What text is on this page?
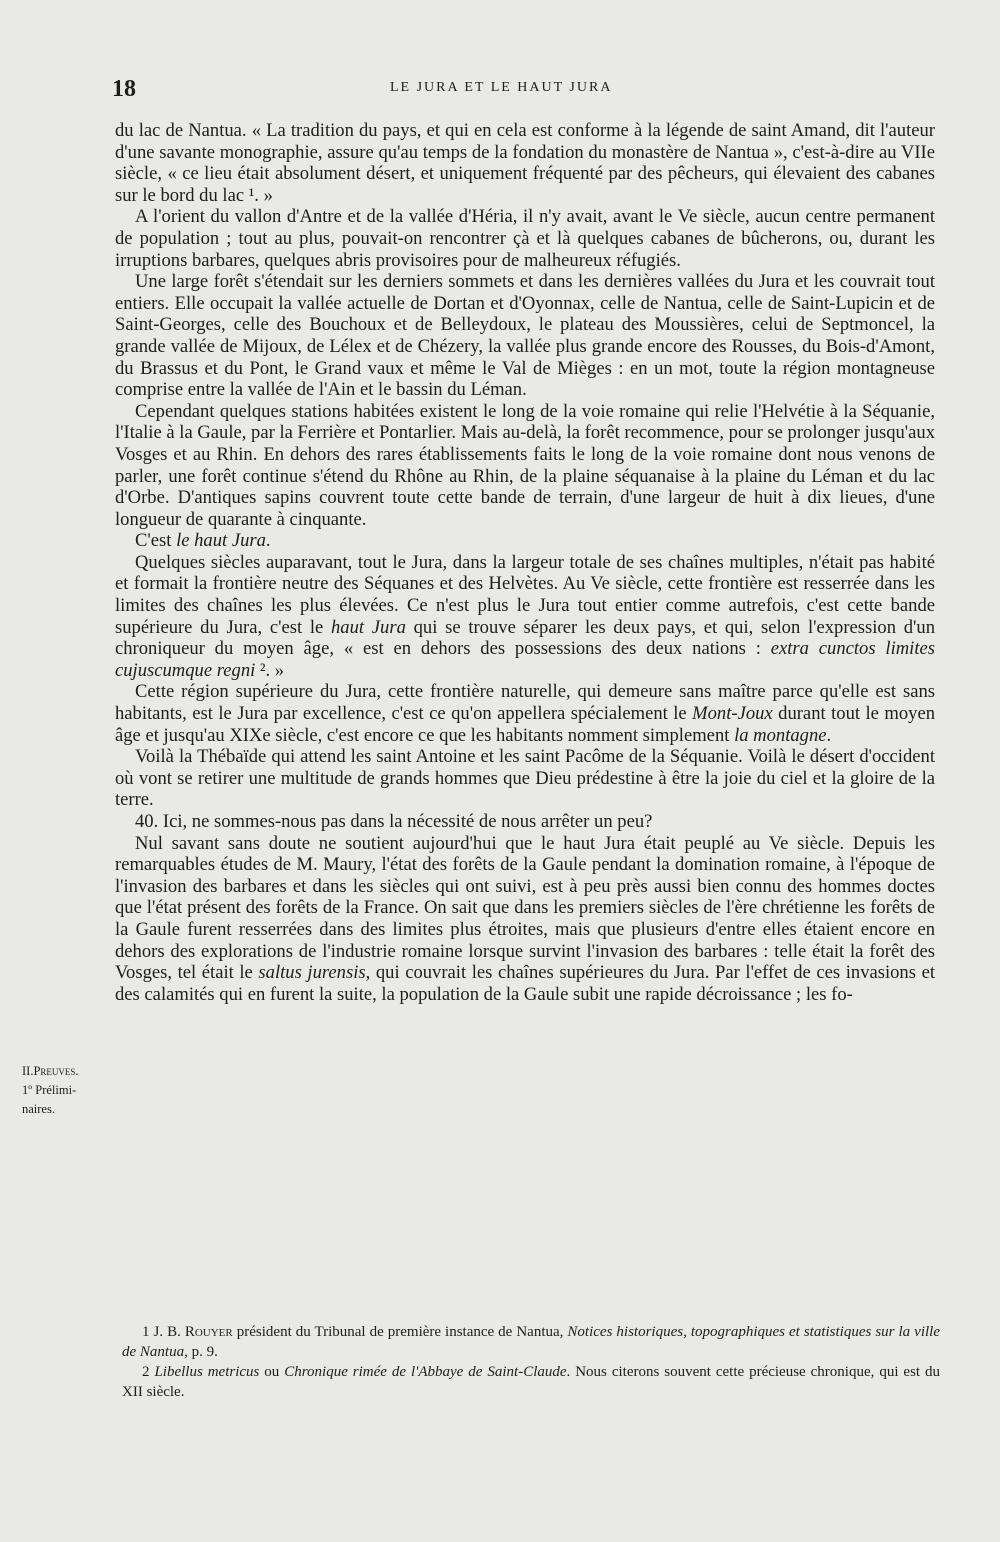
18	LE JURA ET LE HAUT JURA
II.Preuves.
1º Prélimi-
naires.

du lac de Nantua. « La tradition du pays, et qui en cela est conforme à la légende de saint Amand, dit l'auteur d'une savante monographie, assure qu'au temps de la fondation du monastère de Nantua », c'est-à-dire au VIIe siècle, « ce lieu était absolument désert, et uniquement fréquenté par des pêcheurs, qui élevaient des cabanes sur le bord du lac ¹. »

A l'orient du vallon d'Antre et de la vallée d'Héria, il n'y avait, avant le Ve siècle, aucun centre permanent de population ; tout au plus, pouvait-on rencontrer çà et là quelques cabanes de bûcherons, ou, durant les irruptions barbares, quelques abris provisoires pour de malheureux réfugiés.

Une large forêt s'étendait sur les derniers sommets et dans les dernières vallées du Jura et les couvrait tout entiers. Elle occupait la vallée actuelle de Dortan et d'Oyonnax, celle de Nantua, celle de Saint-Lupicin et de Saint-Georges, celle des Bouchoux et de Belleydoux, le plateau des Moussières, celui de Septmoncel, la grande vallée de Mijoux, de Lélex et de Chézery, la vallée plus grande encore des Rousses, du Bois-d'Amont, du Brassus et du Pont, le Grand vaux et même le Val de Mièges : en un mot, toute la région montagneuse comprise entre la vallée de l'Ain et le bassin du Léman.

Cependant quelques stations habitées existent le long de la voie romaine qui relie l'Helvétie à la Séquanie, l'Italie à la Gaule, par la Ferrière et Pontarlier. Mais au-delà, la forêt recommence, pour se prolonger jusqu'aux Vosges et au Rhin. En dehors des rares établissements faits le long de la voie romaine dont nous venons de parler, une forêt continue s'étend du Rhône au Rhin, de la plaine séquanaise à la plaine du Léman et du lac d'Orbe. D'antiques sapins couvrent toute cette bande de terrain, d'une largeur de huit à dix lieues, d'une longueur de quarante à cinquante.

C'est le haut Jura.

Quelques siècles auparavant, tout le Jura, dans la largeur totale de ses chaînes multiples, n'était pas habité et formait la frontière neutre des Séquanes et des Helvètes. Au Ve siècle, cette frontière est resserrée dans les limites des chaînes les plus élevées. Ce n'est plus le Jura tout entier comme autrefois, c'est cette bande supérieure du Jura, c'est le haut Jura qui se trouve séparer les deux pays, et qui, selon l'expression d'un chroniqueur du moyen âge, « est en dehors des possessions des deux nations : extra cunctos limites cujuscumque regni ². »

Cette région supérieure du Jura, cette frontière naturelle, qui demeure sans maître parce qu'elle est sans habitants, est le Jura par excellence, c'est ce qu'on appellera spécialement le Mont-Joux durant tout le moyen âge et jusqu'au XIXe siècle, c'est encore ce que les habitants nomment simplement la montagne.

Voilà la Thébaïde qui attend les saint Antoine et les saint Pacôme de la Séquanie. Voilà le désert d'occident où vont se retirer une multitude de grands hommes que Dieu prédestine à être la joie du ciel et la gloire de la terre.

40. Ici, ne sommes-nous pas dans la nécessité de nous arrêter un peu?

Nul savant sans doute ne soutient aujourd'hui que le haut Jura était peuplé au Ve siècle. Depuis les remarquables études de M. Maury, l'état des forêts de la Gaule pendant la domination romaine, à l'époque de l'invasion des barbares et dans les siècles qui ont suivi, est à peu près aussi bien connu des hommes doctes que l'état présent des forêts de la France. On sait que dans les premiers siècles de l'ère chrétienne les forêts de la Gaule furent resserrées dans des limites plus étroites, mais que plusieurs d'entre elles étaient encore en dehors des explorations de l'industrie romaine lorsque survint l'invasion des barbares : telle était la forêt des Vosges, tel était le saltus jurensis, qui couvrait les chaînes supérieures du Jura. Par l'effet de ces invasions et des calamités qui en furent la suite, la population de la Gaule subit une rapide décroissance ; les fo-

1 J. B. Rouyer président du Tribunal de première instance de Nantua, Notices historiques, topographiques et statistiques sur la ville de Nantua, p. 9.

2 Libellus metricus ou Chronique rimée de l'Abbaye de Saint-Claude. Nous citerons souvent cette précieuse chronique, qui est du XII siècle.
